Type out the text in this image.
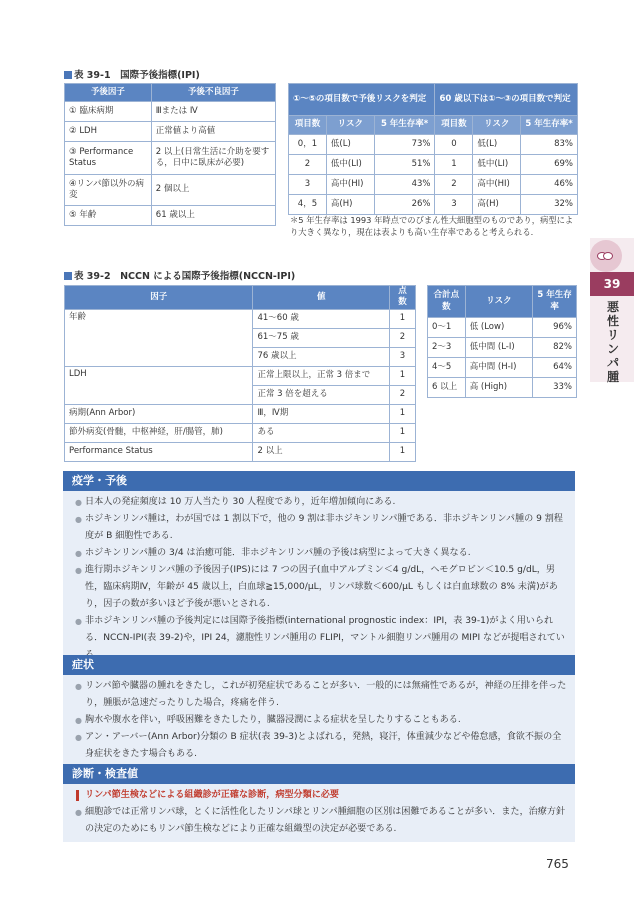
表 39-1　国際予後指標(IPI)
予後因子	予後不良因子
① 臨床病期	Ⅲまたは Ⅳ
② LDH	正常値より高値
③ Performance Status	2 以上(日常生活に介助を要する，日中に臥床が必要)
④リンパ節以外の病変	2 個以上
⑤ 年齢	61 歳以上
①～⑤の項目数で予後リスクを判定			60 歳以下は①～③の項目数で判定		
項目数	リスク	5 年生存率*	項目数	リスク	5 年生存率*
0，1	低(L)	73%	0	低(L)	83%
2	低中(LI)	51%	1	低中(LI)	69%
3	高中(HI)	43%	2	高中(HI)	46%
4，5	高(H)	26%	3	高(H)	32%
＊5 年生存率は 1993 年時点でのびまん性大細胞型のものであり，病型により大きく異なり，現在は表よりも高い生存率であると考えられる.
表 39-2　NCCN による国際予後指標(NCCN-IPI)
因子	値	点数
年齢	41～60 歳	1
	61～75 歳	2
	76 歳以上	3
LDH	正常上限以上，正常 3 倍まで	1
	正常 3 倍を超える	2
病期(Ann Arbor)	Ⅲ，Ⅳ期	1
節外病変(骨髄，中枢神経，肝/腸管，肺)	ある	1
Performance Status	2 以上	1
合計点数	リスク	5 年生存率
0～1	低 (Low)	96%
2～3	低中間 (L-I)	82%
4～5	高中間 (H-I)	64%
6 以上	高 (High)	33%
疫学・予後
● 日本人の発症頻度は 10 万人当たり 30 人程度であり，近年増加傾向にある.
● ホジキンリンパ腫は，わが国では 1 割以下で，他の 9 割は非ホジキンリンパ腫である．非ホジキンリンパ腫の 9 割程度が B 細胞性である.
● ホジキンリンパ腫の 3/4 は治癒可能．非ホジキンリンパ腫の予後は病型によって大きく異なる.
● 進行期ホジキンリンパ腫の予後因子(IPS)には 7 つの因子(血中アルブミン＜4 g/dL，ヘモグロビン＜10.5 g/dL，男性，臨床病期Ⅳ，年齢が 45 歳以上，白血球≧15,000/μL，リンパ球数＜600/μL もしくは白血球数の 8% 未満)があり，因子の数が多いほど予後が悪いとされる.
● 非ホジキンリンパ腫の予後判定には国際予後指標(international prognostic index：IPI，表 39-1)がよく用いられる．NCCN-IPI(表 39-2)や，IPI 24，濾胞性リンパ腫用の FLIPI，マントル細胞リンパ腫用の MIPI などが提唱されてい
症状
● リンパ節や臓器の腫れをきたし，これが初発症状であることが多い．一般的には無痛性であるが，神経の圧排を伴ったり，腫脹が急速だったりした場合，疼痛を伴う.
● 胸水や腹水を伴い，呼吸困難をきたしたり，臓器浸潤による症状を呈したりすることもある.
● アン・アーバー(Ann Arbor)分類の B 症状(表 39-3)とよばれる，発熱，寝汗，体重減少などや倦怠感，食欲不振の全身症状をきたす場合もある.
診断・検査値
リンパ節生検などによる組織診が正確な診断，病型分類に必要
● 細胞診では正常リンパ球，とくに活性化したリンパ球とリンパ腫細胞の区別は困難であることが多い．また，治療方針の決定のためにもリンパ節生検などにより正確な組織型の決定が必要である.
39
悪性リンパ腫
765
